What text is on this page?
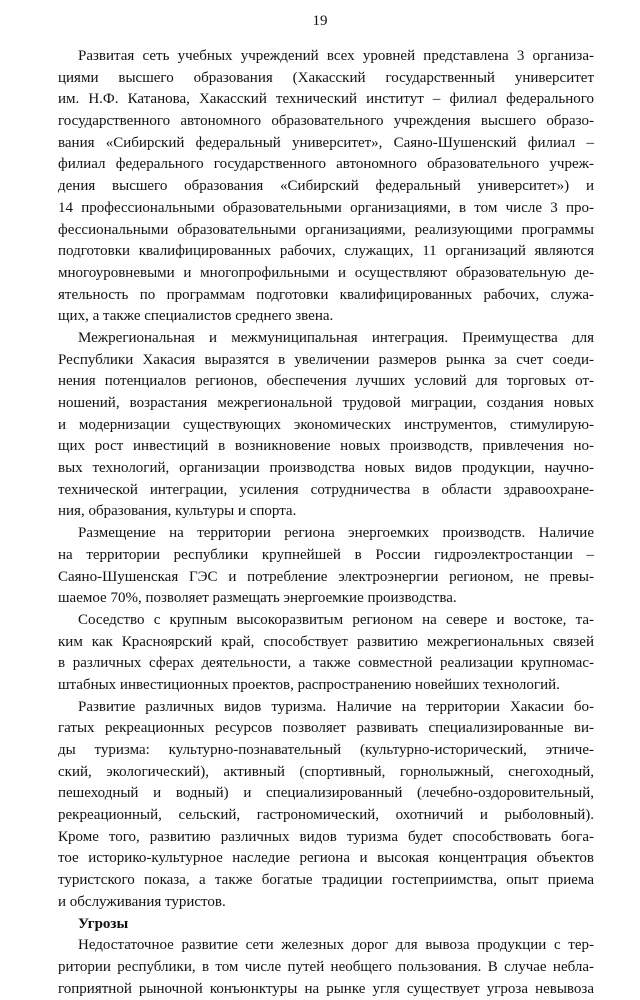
19
Развитая сеть учебных учреждений всех уровней представлена 3 организа-
циями высшего образования (Хакасский государственный университет
им. Н.Ф. Катанова, Хакасский технический институт – филиал федерального
государственного автономного образовательного учреждения высшего образо-
вания «Сибирский федеральный университет», Саяно-Шушенский филиал –
филиал федерального государственного автономного образовательного учреж-
дения высшего образования «Сибирский федеральный университет») и
14 профессиональными образовательными организациями, в том числе 3 про-
фессиональными образовательными организациями, реализующими программы
подготовки квалифицированных рабочих, служащих, 11 организаций являются
многоуровневыми и многопрофильными и осуществляют образовательную де-
ятельность по программам подготовки квалифицированных рабочих, служа-
щих, а также специалистов среднего звена.
Межрегиональная и межмуниципальная интеграция. Преимущества для
Республики Хакасия выразятся в увеличении размеров рынка за счет соеди-
нения потенциалов регионов, обеспечения лучших условий для торговых от-
ношений, возрастания межрегиональной трудовой миграции, создания новых
и модернизации существующих экономических инструментов, стимулирую-
щих рост инвестиций в возникновение новых производств, привлечения но-
вых технологий, организации производства новых видов продукции, научно-
технической интеграции, усиления сотрудничества в области здравоохране-
ния, образования, культуры и спорта.
Размещение на территории региона энергоемких производств. Наличие
на территории республики крупнейшей в России гидроэлектростанции –
Саяно-Шушенская ГЭС и потребление электроэнергии регионом, не превы-
шаемое 70%, позволяет размещать энергоемкие производства.
Соседство с крупным высокоразвитым регионом на севере и востоке, та-
ким как Красноярский край, способствует развитию межрегиональных связей
в различных сферах деятельности, а также совместной реализации крупномас-
штабных инвестиционных проектов, распространению новейших технологий.
Развитие различных видов туризма. Наличие на территории Хакасии бо-
гатых рекреационных ресурсов позволяет развивать специализированные ви-
ды туризма: культурно-познавательный (культурно-исторический, этниче-
ский, экологический), активный (спортивный, горнолыжный, снегоходный,
пешеходный и водный) и специализированный (лечебно-оздоровительный,
рекреационный, сельский, гастрономический, охотничий и рыболовный).
Кроме того, развитию различных видов туризма будет способствовать бога-
тое историко-культурное наследие региона и высокая концентрация объектов
туристского показа, а также богатые традиции гостеприимства, опыт приема
и обслуживания туристов.
Угрозы
Недостаточное развитие сети железных дорог для вывоза продукции с тер-
ритории республики, в том числе путей необщего пользования. В случае небла-
гоприятной рыночной конъюнктуры на рынке угля существует угроза невывоза
